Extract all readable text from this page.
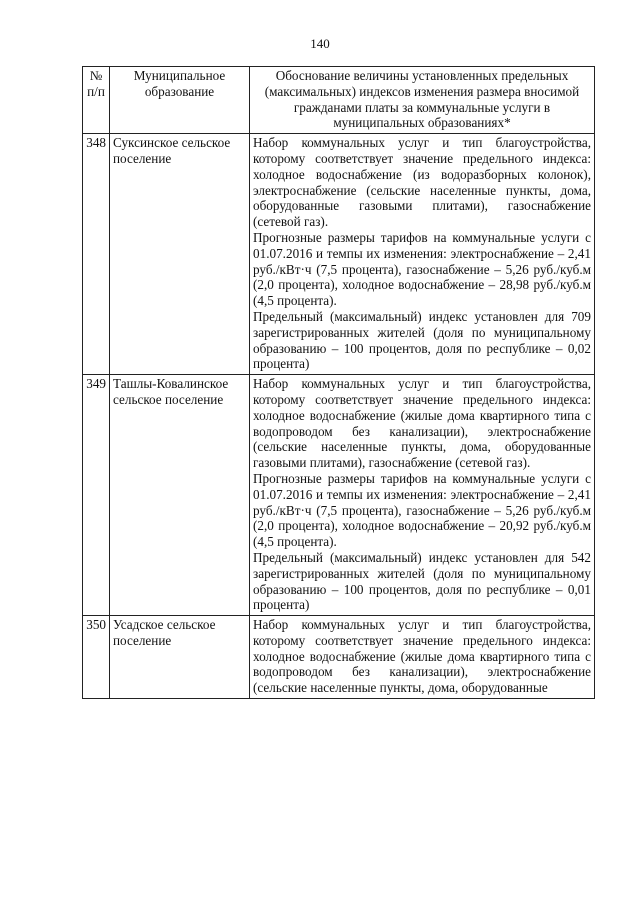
140
№ п/п	Муниципальное образование	Обоснование величины установленных предельных (максимальных) индексов изменения размера вносимой гражданами платы за коммунальные услуги в муниципальных образованиях*
348	Суксинское сельское поселение	Набор коммунальных услуг и тип благоустройства, которому соответствует значение предельного индекса: холодное водоснабжение (из водоразборных колонок), электроснабжение (сельские населенные пункты, дома, оборудованные газовыми плитами), газоснабжение (сетевой газ).

Прогнозные размеры тарифов на коммунальные услуги с 01.07.2016 и темпы их изменения: электроснабжение – 2,41 руб./кВт·ч (7,5 процента), газоснабжение – 5,26 руб./куб.м (2,0 процента), холодное водоснабжение – 28,98 руб./куб.м (4,5 процента).

Предельный (максимальный) индекс установлен для 709 зарегистрированных жителей (доля по муниципальному образованию – 100 процентов, доля по республике – 0,02 процента)

349	Ташлы-Ковалинское сельское поселение	Набор коммунальных услуг и тип благоустройства, которому соответствует значение предельного индекса: холодное водоснабжение (жилые дома квартирного типа с водопроводом без канализации), электроснабжение (сельские населенные пункты, дома, оборудованные газовыми плитами), газоснабжение (сетевой газ).

Прогнозные размеры тарифов на коммунальные услуги с 01.07.2016 и темпы их изменения: электроснабжение – 2,41 руб./кВт·ч (7,5 процента), газоснабжение – 5,26 руб./куб.м (2,0 процента), холодное водоснабжение – 20,92 руб./куб.м (4,5 процента).

Предельный (максимальный) индекс установлен для 542 зарегистрированных жителей (доля по муниципальному образованию – 100 процентов, доля по республике – 0,01 процента)

350	Усадское сельское поселение	Набор коммунальных услуг и тип благоустройства, которому соответствует значение предельного индекса: холодное водоснабжение (жилые дома квартирного типа с водопроводом без канализации), электроснабжение (сельские населенные пункты, дома, оборудованные
